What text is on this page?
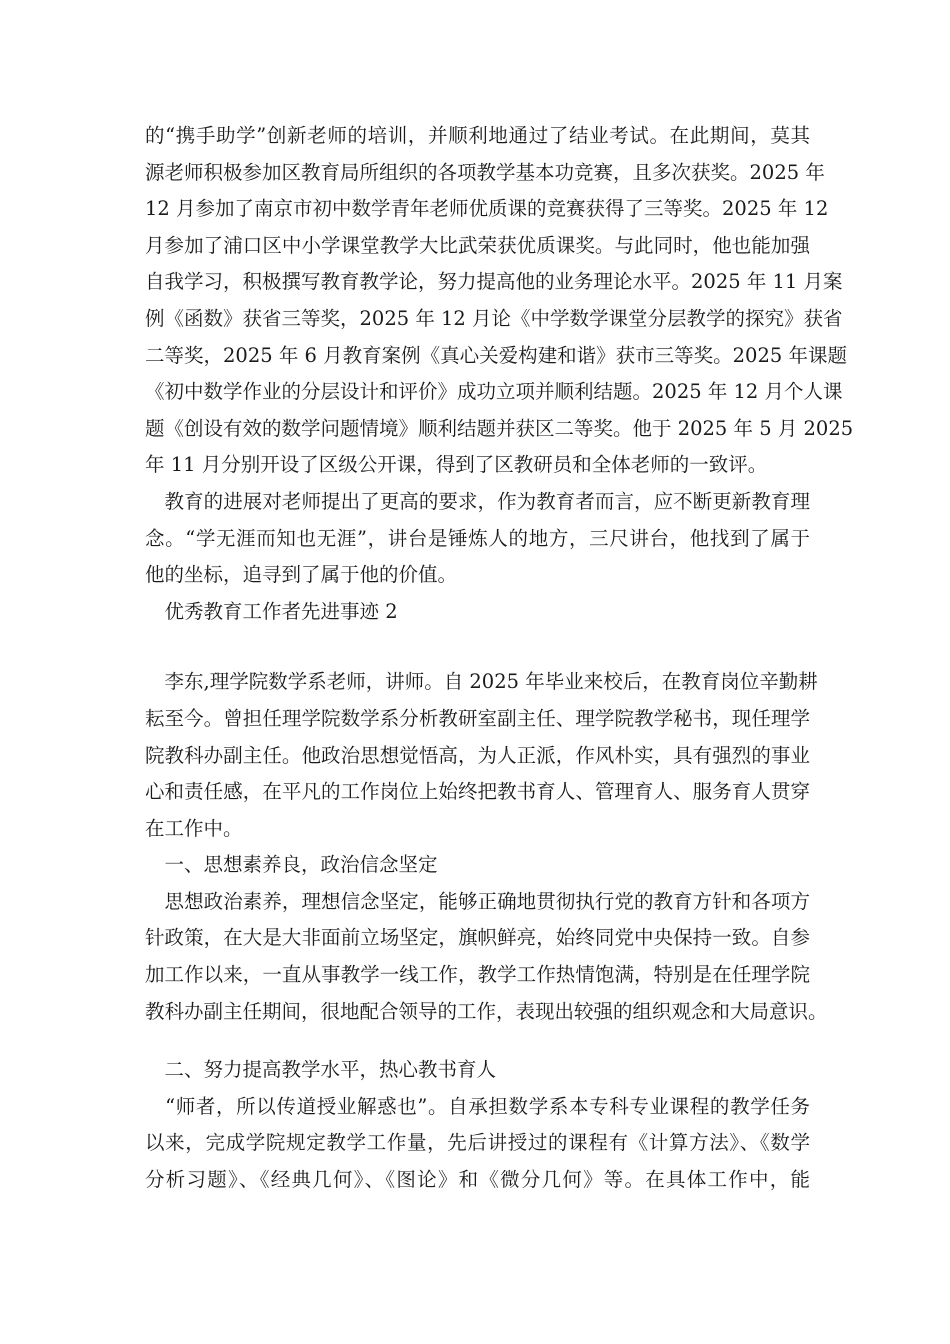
的“携手助学”创新老师的培训，并顺利地通过了结业考试。在此期间，莫其
源老师积极参加区教育局所组织的各项教学基本功竞赛，且多次获奖。2025 年
12 月参加了南京市初中数学青年老师优质课的竞赛获得了三等奖。2025 年 12
月参加了浦口区中小学课堂教学大比武荣获优质课奖。与此同时，他也能加强
自我学习，积极撰写教育教学论，努力提高他的业务理论水平。2025 年 11 月案
例《函数》获省三等奖，2025 年 12 月论《中学数学课堂分层教学的探究》获省
二等奖，2025 年 6 月教育案例《真心关爱构建和谐》获市三等奖。2025 年课题
《初中数学作业的分层设计和评价》成功立项并顺利结题。2025 年 12 月个人课
题《创设有效的数学问题情境》顺利结题并获区二等奖。他于 2025 年 5 月 2025
年 11 月分别开设了区级公开课，得到了区教研员和全体老师的一致评。
　教育的进展对老师提出了更高的要求，作为教育者而言，应不断更新教育理
念。“学无涯而知也无涯”，讲台是锤炼人的地方，三尺讲台，他找到了属于
他的坐标，追寻到了属于他的价值。
　优秀教育工作者先进事迹 2
　李东,理学院数学系老师，讲师。自 2025 年毕业来校后，在教育岗位辛勤耕
耘至今。曾担任理学院数学系分析教研室副主任、理学院教学秘书，现任理学
院教科办副主任。他政治思想觉悟高，为人正派，作风朴实，具有强烈的事业
心和责任感，在平凡的工作岗位上始终把教书育人、管理育人、服务育人贯穿
在工作中。
　一、思想素养良，政治信念坚定
　思想政治素养，理想信念坚定，能够正确地贯彻执行党的教育方针和各项方
针政策，在大是大非面前立场坚定，旗帜鲜亮，始终同党中央保持一致。自参
加工作以来，一直从事教学一线工作，教学工作热情饱满，特别是在任理学院
教科办副主任期间，很地配合领导的工作，表现出较强的组织观念和大局意识。
　二、努力提高教学水平，热心教书育人
　“师者，所以传道授业解惑也”。自承担数学系本专科专业课程的教学任务
以来，完成学院规定教学工作量，先后讲授过的课程有《计算方法》、《数学
分析习题》、《经典几何》、《图论》和《微分几何》等。在具体工作中，能
